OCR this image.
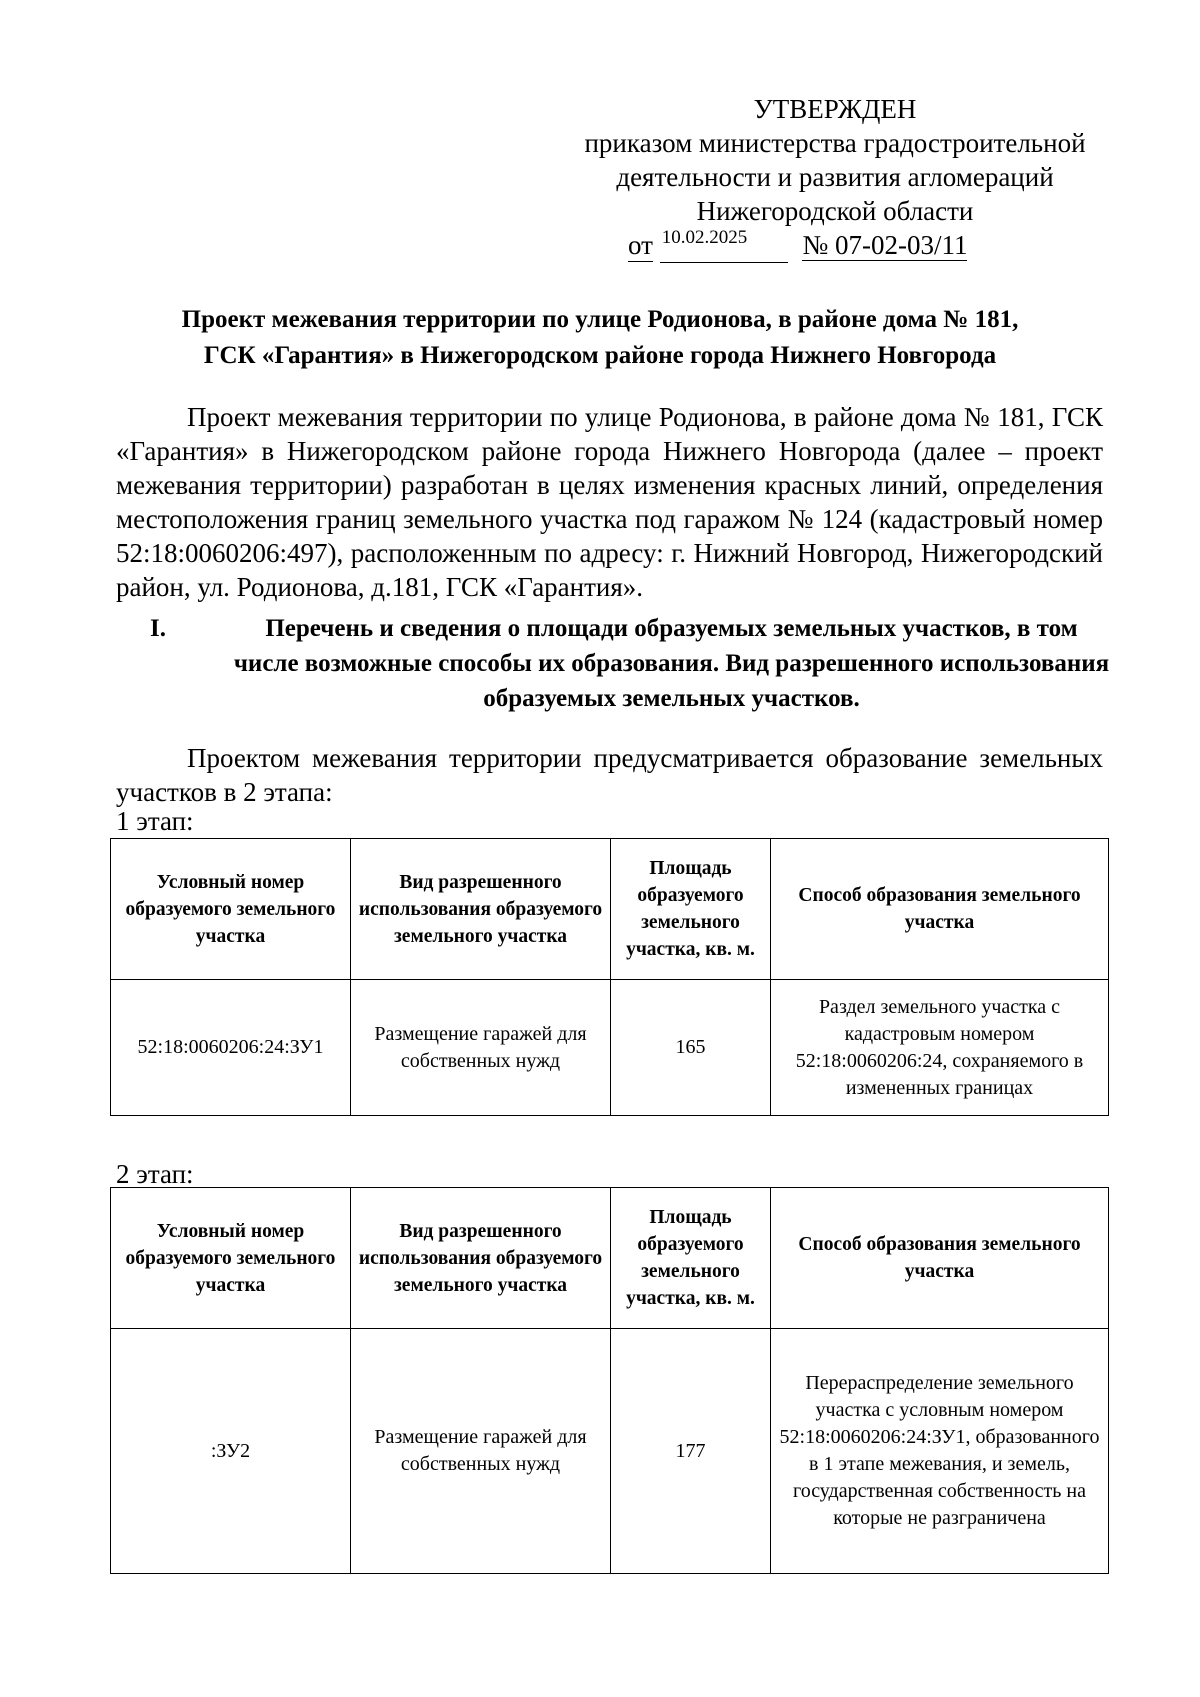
УТВЕРЖДЕН
приказом министерства градостроительной
деятельности и развития агломераций
Нижегородской области
от 10.02.2025 № 07-02-03/11
Проект межевания территории по улице Родионова, в районе дома № 181,
ГСК «Гарантия» в Нижегородском районе города Нижнего Новгорода

Проект межевания территории по улице Родионова, в районе дома № 181, ГСК «Гарантия» в Нижегородском районе города Нижнего Новгорода (далее – проект межевания территории) разработан в целях изменения красных линий, определения местоположения границ земельного участка под гаражом № 124 (кадастровый номер 52:18:0060206:497), расположенным по адресу: г. Нижний Новгород, Нижегородский район, ул. Родионова, д.181, ГСК «Гарантия».

I.	Перечень и сведения о площади образуемых земельных участков, в том числе возможные способы их образования. Вид разрешенного использования образуемых земельных участков.

Проектом межевания территории предусматривается образование земельных участков в 2 этапа:

1 этап:
Условный номер образуемого земельного участка	Вид разрешенного использования образуемого земельного участка	Площадь образуемого земельного участка, кв. м.	Способ образования земельного участка
52:18:0060206:24:ЗУ1	Размещение гаражей для собственных нужд	165	Раздел земельного участка с кадастровым номером 52:18:0060206:24, сохраняемого в измененных границах
2 этап:
Условный номер образуемого земельного участка	Вид разрешенного использования образуемого земельного участка	Площадь образуемого земельного участка, кв. м.	Способ образования земельного участка
:ЗУ2	Размещение гаражей для собственных нужд	177	Перераспределение земельного участка с условным номером 52:18:0060206:24:ЗУ1, образованного в 1 этапе межевания, и земель, государственная собственность на которые не разграничена
